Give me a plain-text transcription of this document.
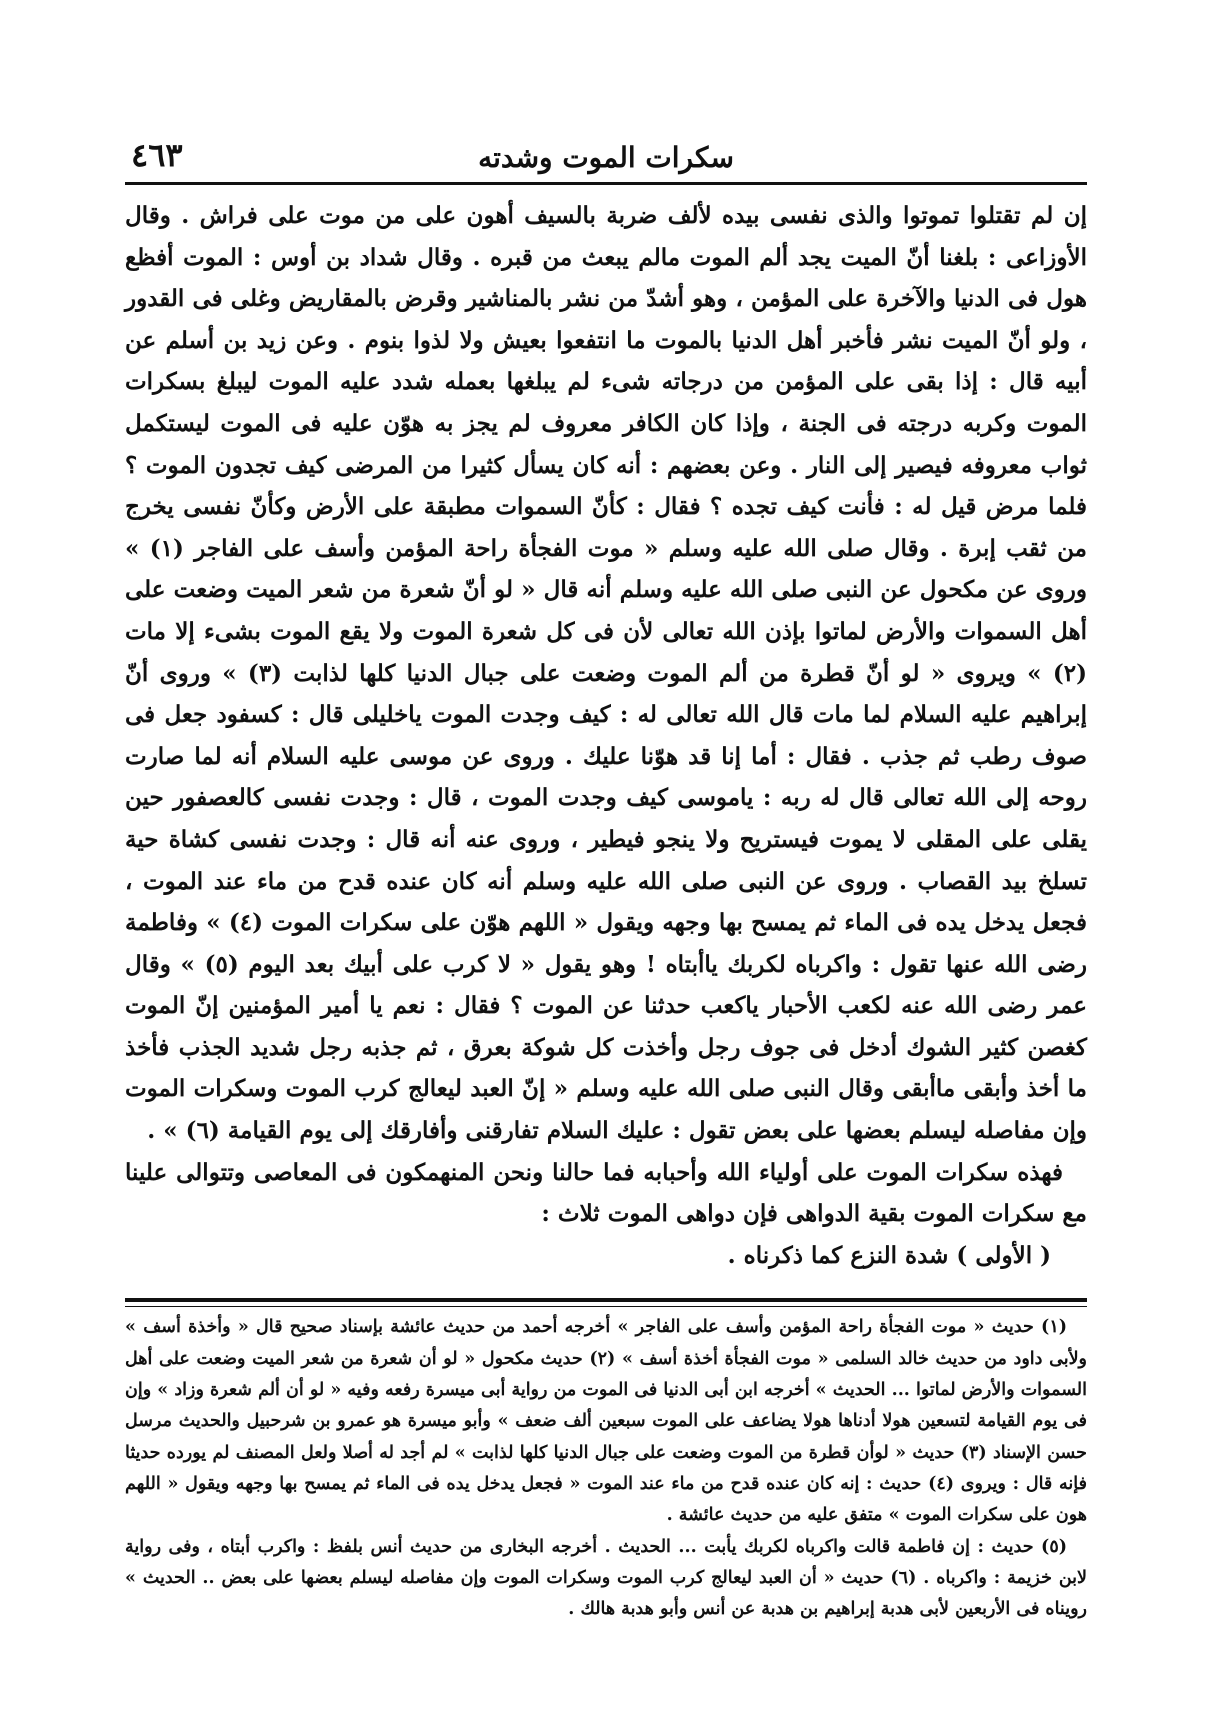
سكرات الموت وشدته
٤٦٣

إن لم تقتلوا تموتوا والذى نفسى بيده لألف ضربة بالسيف أهون على من موت على فراش . وقال الأوزاعى : بلغنا أنّ الميت يجد ألم الموت مالم يبعث من قبره . وقال شداد بن أوس : الموت أفظع هول فى الدنيا والآخرة على المؤمن ، وهو أشدّ من نشر بالمناشير وقرض بالمقاريض وغلى فى القدور ، ولو أنّ الميت نشر فأخبر أهل الدنيا بالموت ما انتفعوا بعيش ولا لذوا بنوم . وعن زيد بن أسلم عن أبيه قال : إذا بقى على المؤمن من درجاته شىء لم يبلغها بعمله شدد عليه الموت ليبلغ بسكرات الموت وكربه درجته فى الجنة ، وإذا كان الكافر معروف لم يجز به هوّن عليه فى الموت ليستكمل ثواب معروفه فيصير إلى النار . وعن بعضهم : أنه كان يسأل كثيرا من المرضى كيف تجدون الموت ؟ فلما مرض قيل له : فأنت كيف تجده ؟ فقال : كأنّ السموات مطبقة على الأرض وكأنّ نفسى يخرج من ثقب إبرة . وقال صلى الله عليه وسلم « موت الفجأة راحة المؤمن وأسف على الفاجر (١) » وروى عن مكحول عن النبى صلى الله عليه وسلم أنه قال « لو أنّ شعرة من شعر الميت وضعت على أهل السموات والأرض لماتوا بإذن الله تعالى لأن فى كل شعرة الموت ولا يقع الموت بشىء إلا مات (٢) » ويروى « لو أنّ قطرة من ألم الموت وضعت على جبال الدنيا كلها لذابت (٣) » وروى أنّ إبراهيم عليه السلام لما مات قال الله تعالى له : كيف وجدت الموت ياخليلى قال : كسفود جعل فى صوف رطب ثم جذب . فقال : أما إنا قد هوّنا عليك . وروى عن موسى عليه السلام أنه لما صارت روحه إلى الله تعالى قال له ربه : ياموسى كيف وجدت الموت ، قال : وجدت نفسى كالعصفور حين يقلى على المقلى لا يموت فيستريح ولا ينجو فيطير ، وروى عنه أنه قال : وجدت نفسى كشاة حية تسلخ بيد القصاب . وروى عن النبى صلى الله عليه وسلم أنه كان عنده قدح من ماء عند الموت ، فجعل يدخل يده فى الماء ثم يمسح بها وجهه ويقول « اللهم هوّن على سكرات الموت (٤) » وفاطمة رضى الله عنها تقول : واكرباه لكربك ياأبتاه ! وهو يقول « لا كرب على أبيك بعد اليوم (٥) » وقال عمر رضى الله عنه لكعب الأحبار ياكعب حدثنا عن الموت ؟ فقال : نعم يا أمير المؤمنين إنّ الموت كغصن كثير الشوك أدخل فى جوف رجل وأخذت كل شوكة بعرق ، ثم جذبه رجل شديد الجذب فأخذ ما أخذ وأبقى ماأبقى وقال النبى صلى الله عليه وسلم « إنّ العبد ليعالج كرب الموت وسكرات الموت وإن مفاصله ليسلم بعضها على بعض تقول : عليك السلام تفارقنى وأفارقك إلى يوم القيامة (٦) » .

فهذه سكرات الموت على أولياء الله وأحبابه فما حالنا ونحن المنهمكون فى المعاصى وتتوالى علينا مع سكرات الموت بقية الدواهى فإن دواهى الموت ثلاث :

( الأولى ) شدة النزع كما ذكرناه .

(١) حديث « موت الفجأة راحة المؤمن وأسف على الفاجر » أخرجه أحمد من حديث عائشة بإسناد صحيح قال « وأخذة أسف » ولأبى داود من حديث خالد السلمى « موت الفجأة أخذة أسف » (٢) حديث مكحول « لو أن شعرة من شعر الميت وضعت على أهل السموات والأرض لماتوا ... الحديث » أخرجه ابن أبى الدنيا فى الموت من رواية أبى ميسرة رفعه وفيه « لو أن ألم شعرة وزاد » وإن فى يوم القيامة لتسعين هولا أدناها هولا يضاعف على الموت سبعين ألف ضعف » وأبو ميسرة هو عمرو بن شرحبيل والحديث مرسل حسن الإسناد (٣) حديث « لوأن قطرة من الموت وضعت على جبال الدنيا كلها لذابت » لم أجد له أصلا ولعل المصنف لم يورده حديثا فإنه قال : ويروى (٤) حديث : إنه كان عنده قدح من ماء عند الموت « فجعل يدخل يده فى الماء ثم يمسح بها وجهه ويقول « اللهم هون على سكرات الموت » متفق عليه من حديث عائشة .

(٥) حديث : إن فاطمة قالت واكرباه لكربك يأبت ... الحديث . أخرجه البخارى من حديث أنس بلفظ : واكرب أبتاه ، وفى رواية لابن خزيمة : واكرباه . (٦) حديث « أن العبد ليعالج كرب الموت وسكرات الموت وإن مفاصله ليسلم بعضها على بعض .. الحديث » رويناه فى الأربعين لأبى هدبة إبراهيم بن هدبة عن أنس وأبو هدبة هالك .
